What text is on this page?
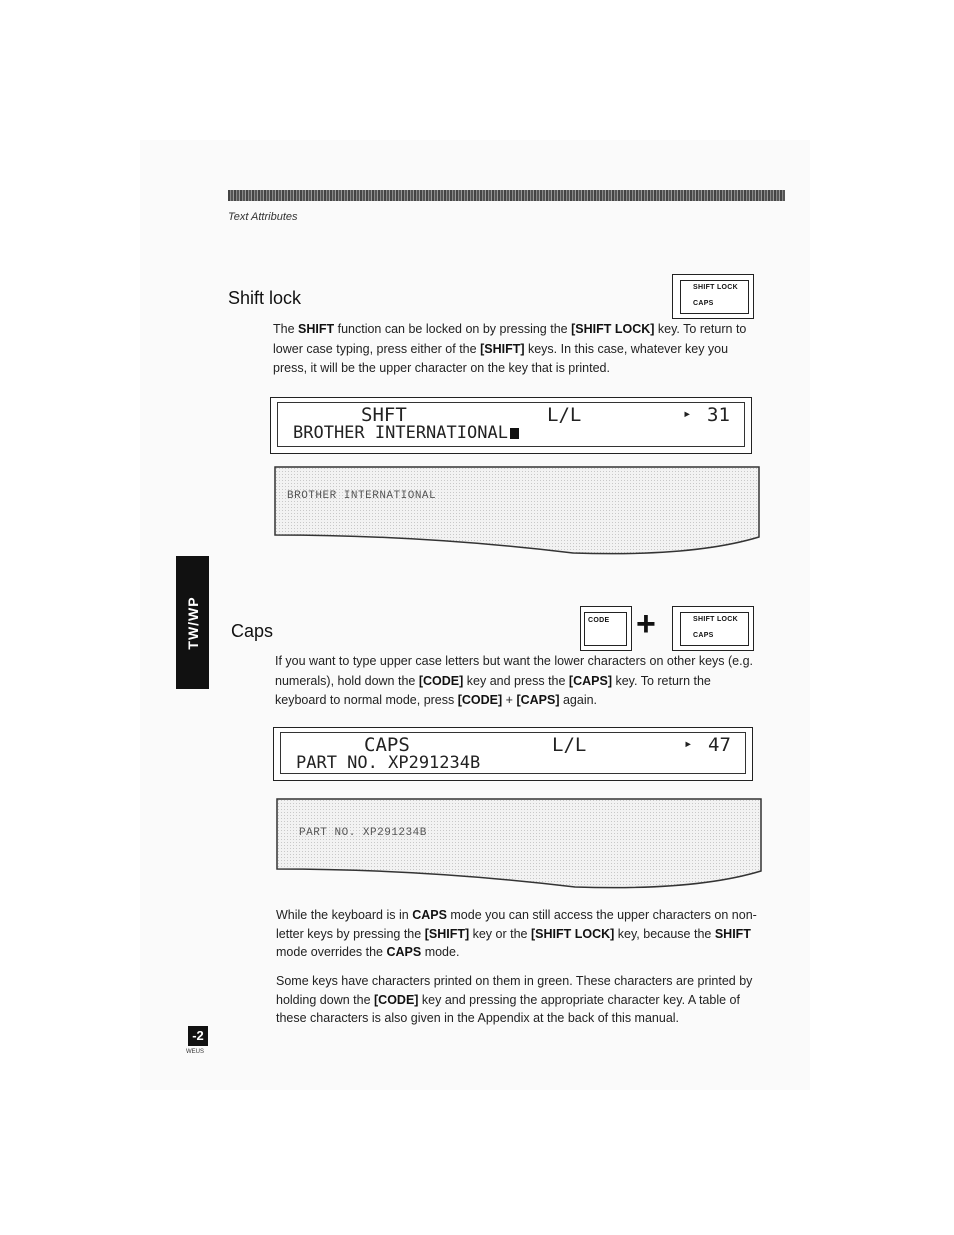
Text Attributes
TW/WP
Shift lock
SHIFT LOCK
CAPS

The SHIFT function can be locked on by pressing the [SHIFT LOCK] key. To return to lower case typing, press either of the [SHIFT] keys. In this case, whatever key you press, it will be the upper character on the key that is printed.

SHFT	L/L	▸ 31
BROTHER INTERNATIONAL
BROTHER INTERNATIONAL
Caps
CODE +	SHIFT LOCK
CAPS

If you want to type upper case letters but want the lower characters on other keys (e.g. numerals), hold down the [CODE] key and press the [CAPS] key. To return the keyboard to normal mode, press [CODE] + [CAPS] again.

CAPS	L/L	▸ 47
PART NO. XP291234B
PART NO. XP291234B

While the keyboard is in CAPS mode you can still access the upper characters on non-letter keys by pressing the [SHIFT] key or the [SHIFT LOCK] key, because the SHIFT mode overrides the CAPS mode.

Some keys have characters printed on them in green. These characters are printed by holding down the [CODE] key and pressing the appropriate character key. A table of these characters is also given in the Appendix at the back of this manual.

-2
WEUS
